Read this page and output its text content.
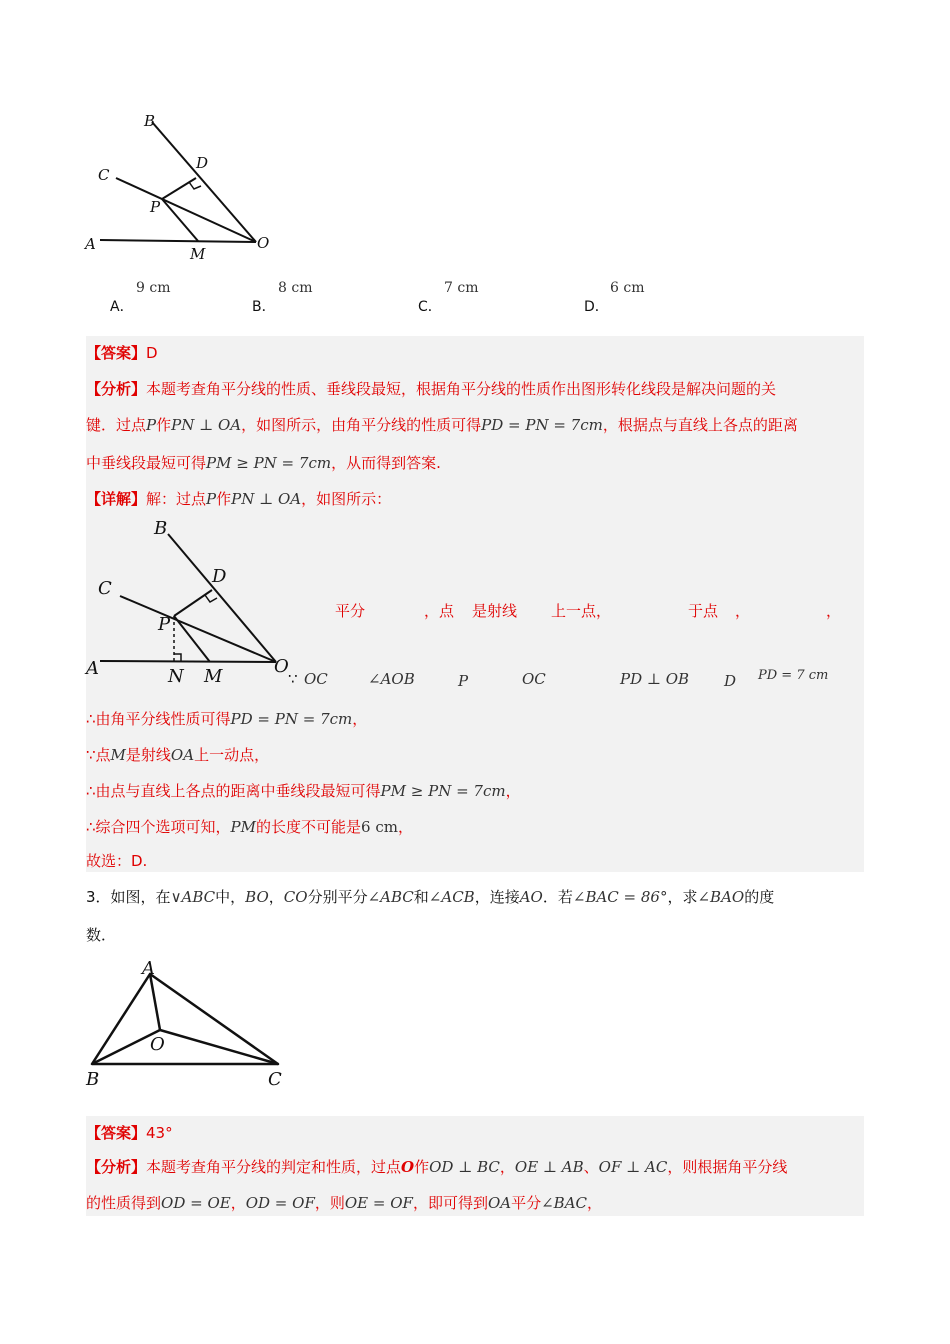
B
C
D
P
A
M
O
A．
9 cm
B．
8 cm
C．
7 cm
D．
6 cm
【答案】D
【分析】本题考查角平分线的性质、垂线段最短，根据角平分线的性质作出图形转化线段是解决问题的关
键．过点P作PN ⊥ OA，如图所示，由角平分线的性质可得PD = PN = 7cm，根据点与直线上各点的距离
中垂线段最短可得PM ≥ PN = 7cm，从而得到答案.
【详解】解：过点P作PN ⊥ OA，如图所示：
B
C
D
P
A	N M	O
平分	，点 是射线 上一点，	于点 ，	，
∵ OC	∠AOB	P	OC	PD ⊥ OB D PD = 7 cm
∴由角平分线性质可得PD = PN = 7cm，
∵点M是射线OA上一动点，
∴由点与直线上各点的距离中垂线段最短可得PM ≥ PN = 7cm，
∴综合四个选项可知，PM的长度不可能是6 cm，
故选：D.
3．如图，在∨ABC中，BO，CO分别平分∠ABC和∠ACB，连接AO．若∠BAC = 86°，求∠BAO的度
数．
A
O
B	C
【答案】43°
【分析】本题考查角平分线的判定和性质，过点O作OD ⊥ BC，OE ⊥ AB、OF ⊥ AC，则根据角平分线
的性质得到OD = OE，OD = OF，则OE = OF，即可得到OA平分∠BAC，
